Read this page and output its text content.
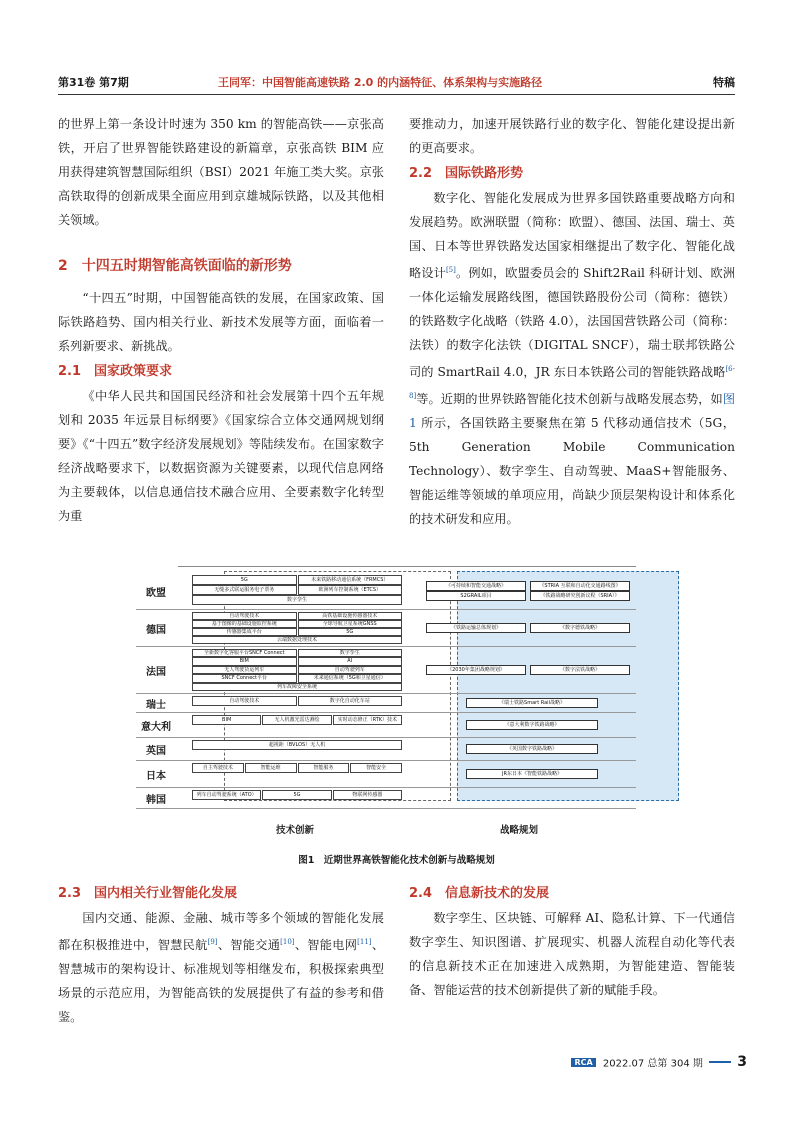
第31卷 第7期	王同军：中国智能高速铁路 2.0 的内涵特征、体系架构与实施路径	特稿

的世界上第一条设计时速为 350 km 的智能高铁——京张高铁，开启了世界智能铁路建设的新篇章，京张高铁 BIM 应用获得建筑智慧国际组织（BSI）2021 年施工类大奖。京张高铁取得的创新成果全面应用到京雄城际铁路，以及其他相关领域。

2　十四五时期智能高铁面临的新形势

“十四五”时期，中国智能高铁的发展，在国家政策、国际铁路趋势、国内相关行业、新技术发展等方面，面临着一系列新要求、新挑战。

2.1　国家政策要求

《中华人民共和国国民经济和社会发展第十四个五年规划和 2035 年远景目标纲要》《国家综合立体交通网规划纲要》《“十四五”数字经济发展规划》等陆续发布。在国家数字经济战略要求下，以数据资源为关键要素，以现代信息网络为主要载体，以信息通信技术融合应用、全要素数字化转型为重

要推动力，加速开展铁路行业的数字化、智能化建设提出新的更高要求。

2.2　国际铁路形势

数字化、智能化发展成为世界多国铁路重要战略方向和发展趋势。欧洲联盟（简称：欧盟）、德国、法国、瑞士、英国、日本等世界铁路发达国家相继提出了数字化、智能化战略设计[5]。例如，欧盟委员会的 Shift2Rail 科研计划、欧洲一体化运输发展路线图，德国铁路股份公司（简称：德铁）的铁路数字化战略（铁路 4.0），法国国营铁路公司（简称：法铁）的数字化法铁（DIGITAL SNCF），瑞士联邦铁路公司的 SmartRail 4.0，JR 东日本铁路公司的智能铁路战略[6-8]等。近期的世界铁路智能化技术创新与战略发展态势，如图 1 所示，各国铁路主要聚焦在第 5 代移动通信技术（5G，5th Generation Mobile Communication Technology）、数字孪生、自动驾驶、MaaS+智能服务、智能运维等领域的单项应用，尚缺少顶层架构设计和体系化的技术研发和应用。

欧盟
5G	未来铁路移动通信系统（FRMCS）
无缝多式联运服务电子票务	欧洲列车控制系统（ETCS）
数字孪生
《可持续和智能交通战略》	《STRIA 互联和自动化交通路线图》
S2GRAIL项目	《铁路战略研究创新议程（SRIA）》
德国
自动驾驶技术	高铁基础设施传感器技术
基于图像的基础设施监控系统	全球导航卫星系统GNSS
传感器集成平台	5G
云端数据处理技术
《铁路运输总体规划》	《数字德铁战略》
法国
全新数字化客服平台SNCF Connect	数字孪生
BIM	AI
无人驾驶货运列车	自动驾驶列车
SNCF Connect平台	未来通信系统（5G和卫星通信）
列车故障安全系统
《2030年集团战略规划》	《数字法铁战略》
瑞士	自动驾驶技术	数字化自动化车站	《瑞士铁路Smart Rail战略》
意大利
BIM	无人机激光雷达测绘	实时动态修正（RTK）技术
《意大利数字铁路战略》
英国
超视距（BVLOS）无人机
《英国数字铁路战略》
日本
自主驾驶技术	智能运维	智能服务	智能安全
JR东日本《智能铁路战略》
韩国	列车自动驾驶系统（ATO）	5G	物联网传感器
技术创新	战略规划
图1　近期世界高铁智能化技术创新与战略规划

2.3　国内相关行业智能化发展

国内交通、能源、金融、城市等多个领域的智能化发展都在积极推进中，智慧民航[9]、智能交通[10]、智能电网[11]、智慧城市的架构设计、标准规划等相继发布，积极探索典型场景的示范应用，为智能高铁的发展提供了有益的参考和借鉴。

2.4　信息新技术的发展

数字孪生、区块链、可解释 AI、隐私计算、下一代通信数字孪生、知识图谱、扩展现实、机器人流程自动化等代表的信息新技术正在加速进入成熟期，为智能建造、智能装备、智能运营的技术创新提供了新的赋能手段。

RCA 2022.07 总第 304 期 3
